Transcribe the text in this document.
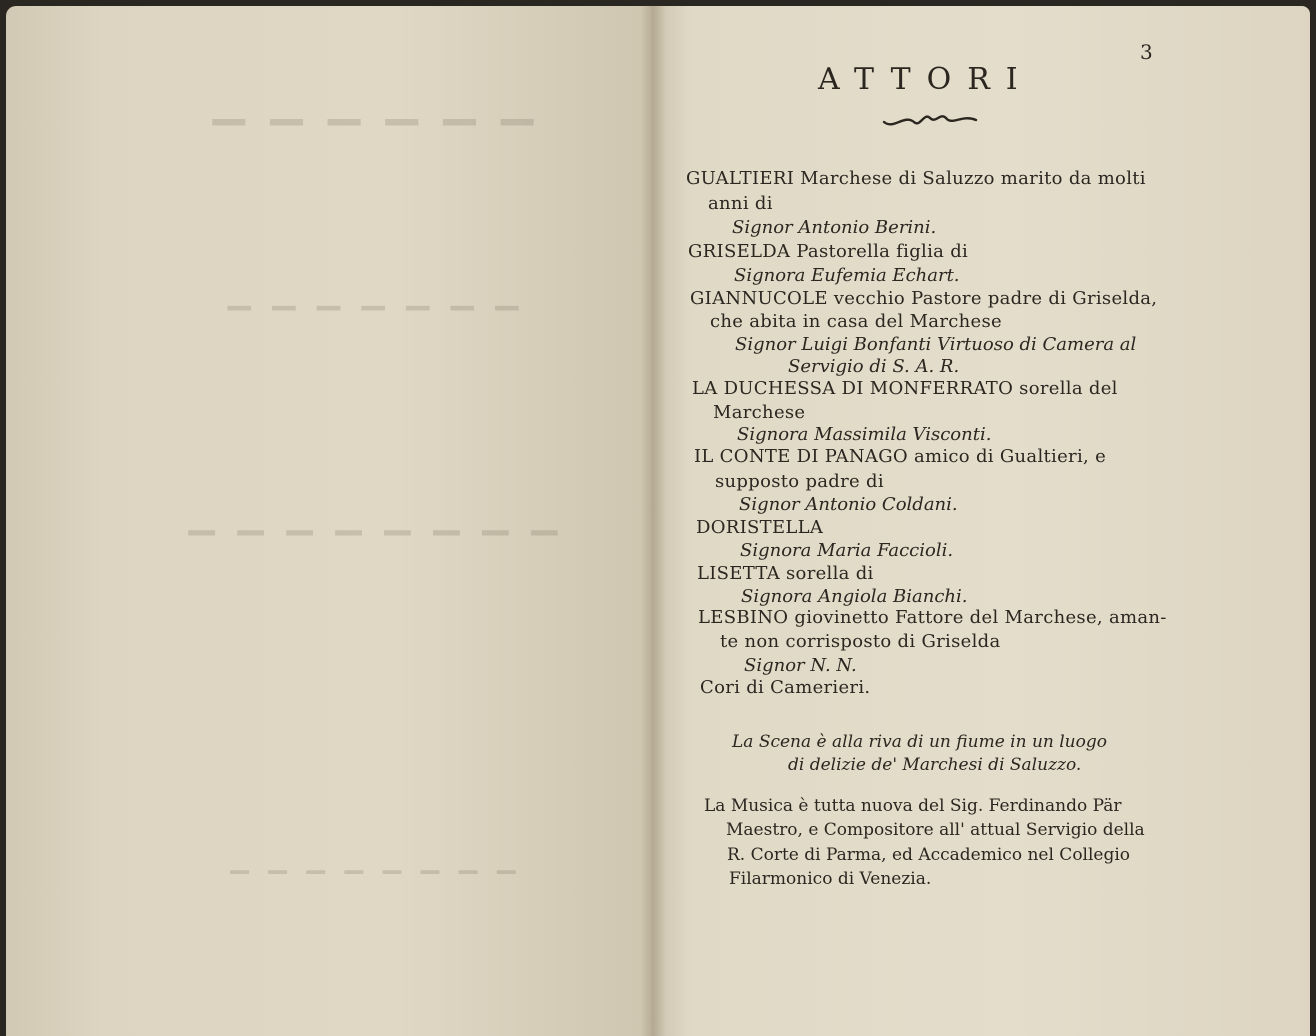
▁ ▁ ▁ ▁ ▁ ▁
▁ ▁ ▁ ▁ ▁ ▁ ▁
▁ ▁ ▁ ▁ ▁ ▁ ▁ ▁
▁ ▁ ▁ ▁ ▁ ▁ ▁ ▁
3
ATTORI
GUALTIERI Marchese di Saluzzo marito da molti
anni di
Signor Antonio Berini.
GRISELDA Pastorella figlia di
Signora Eufemia Echart.
GIANNUCOLE vecchio Pastore padre di Griselda,
che abita in casa del Marchese
Signor Luigi Bonfanti Virtuoso di Camera al
Servigio di S. A. R.
LA DUCHESSA DI MONFERRATO sorella del
Marchese
Signora Massimila Visconti.
IL CONTE DI PANAGO amico di Gualtieri, e
supposto padre di
Signor Antonio Coldani.
DORISTELLA
Signora Maria Faccioli.
LISETTA sorella di
Signora Angiola Bianchi.
LESBINO giovinetto Fattore del Marchese, aman-
te non corrisposto di Griselda
Signor N. N.
Cori di Camerieri.
La Scena è alla riva di un fiume in un luogo
di delizie de' Marchesi di Saluzzo.
La Musica è tutta nuova del Sig. Ferdinando Pär
Maestro, e Compositore all' attual Servigio della
R. Corte di Parma, ed Accademico nel Collegio
Filarmonico di Venezia.
